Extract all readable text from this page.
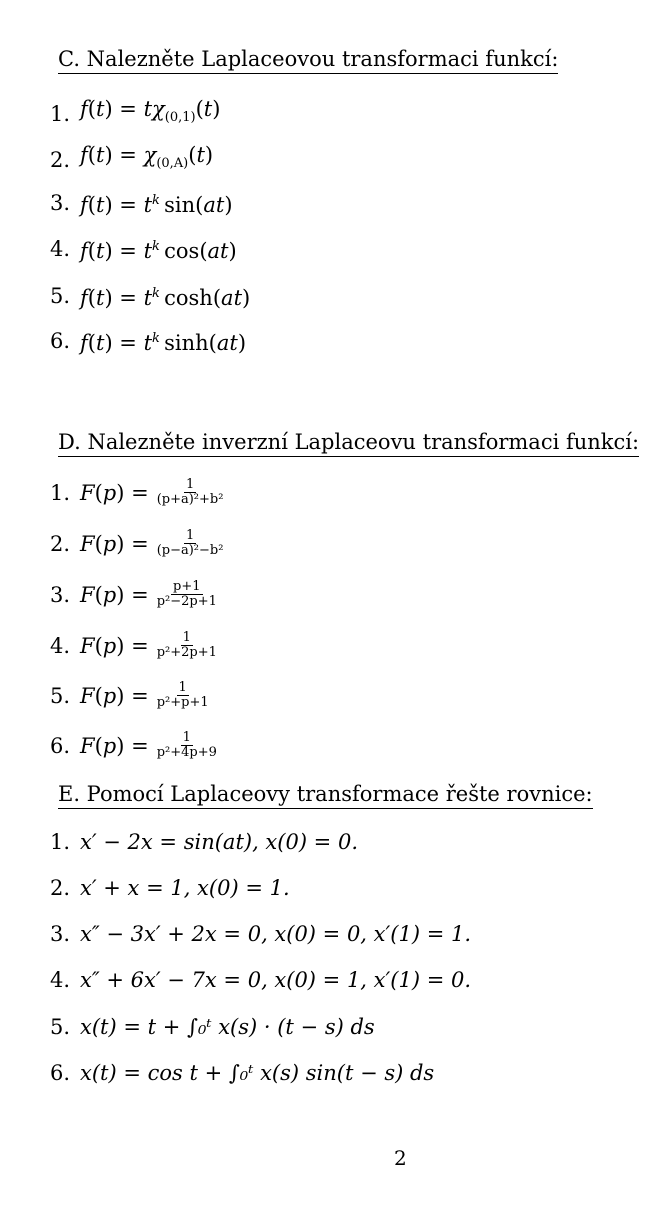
C. Nalezněte Laplaceovou transformaci funkcí:
1. $f(t) = t\chi_{(0,1)}(t)$
2. $f(t) = \chi_{(0,A)}(t)$
3. $f(t) = t^k$  sin(at)
4. $f(t) = t^k$  cos(at)
5. $f(t) = t^k$  cosh(at)
6. $f(t) = t^k$  sinh(at)
D. Nalezněte inverzní Laplaceovu transformaci funkcí:
1. $F(p) = \frac{1}{\text{(p+a)²+b²}}$
2. $F(p) = \frac{1}{\text{(p−a)²−b²}}$
3. $F(p) = \frac{p+1}{\text{p²−2p+1}}$
4. $F(p) = \frac{1}{\text{p²+2p+1}}$
5. $F(p) = \frac{1}{\text{p²+p+1}}$
6. $F(p) = \frac{1}{\text{p²+4p+9}}$
E. Pomocí Laplaceovy transformace řešte rovnice:
1. x′ − 2x = sin(at), x(0) = 0.
2. x′ + x = 1, x(0) = 1.
3. x″ − 3x′ + 2x = 0, x(0) = 0, x′(1) = 1.
4. x″ + 6x′ − 7x = 0, x(0) = 1, x′(1) = 0.
5. x(t) = t + ∫₀ᵗ x(s) · (t − s) ds
6. x(t) = cos t + ∫₀ᵗ x(s) sin(t − s) ds
2
